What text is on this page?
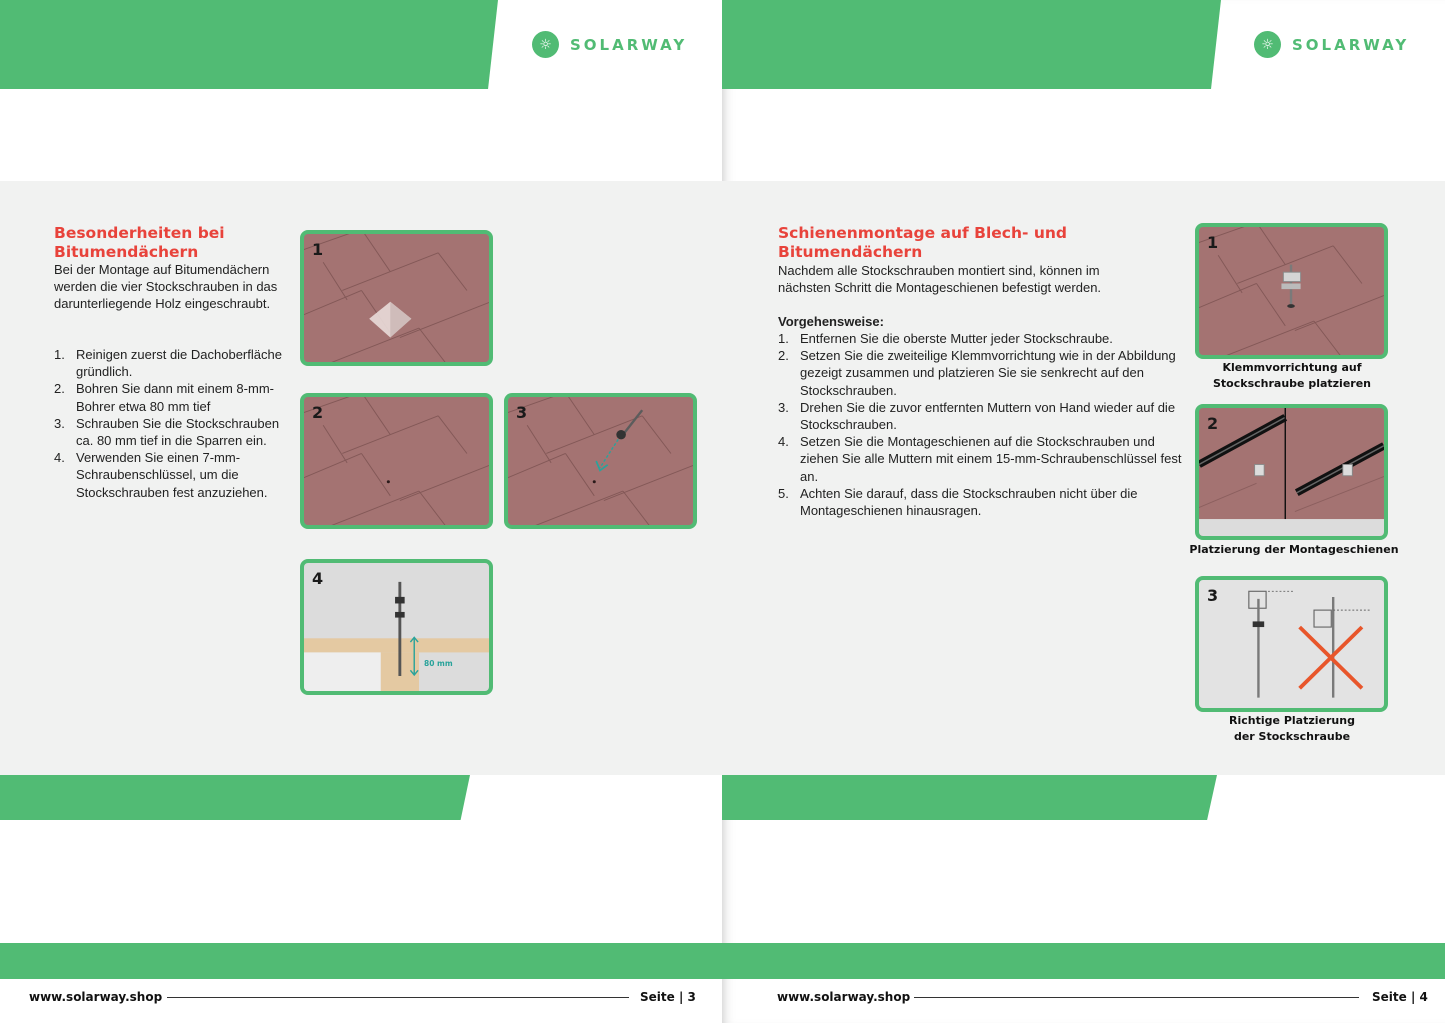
☼	SOLARWAY
Besonderheiten bei Bitumendächern
Bei der Montage auf Bitumendächern werden die vier Stockschrauben in das darunterliegende Holz eingeschraubt.
1. Reinigen zuerst die Dachoberfläche gründlich.
2. Bohren Sie dann mit einem 8-mm-Bohrer etwa 80 mm tief
3. Schrauben Sie die Stockschrauben ca. 80 mm tief in die Sparren ein.
4. Verwenden Sie einen 7-mm-Schraubenschlüssel, um die Stockschrauben fest anzuziehen.
1
2	3
4
80 mm
www.solarway.shop	Seite | 3
☼	SOLARWAY
Schienenmontage auf Blech- und Bitumendächern
Nachdem alle Stockschrauben montiert sind, können im nächsten Schritt die Montageschienen befestigt werden.
Vorgehensweise:
1. Entfernen Sie die oberste Mutter jeder Stockschraube.
2. Setzen Sie die zweiteilige Klemmvorrichtung wie in der Abbildung gezeigt zusammen und platzieren Sie sie senkrecht auf den Stockschrauben.
3. Drehen Sie die zuvor entfernten Muttern von Hand wieder auf die Stockschrauben.
4. Setzen Sie die Montageschienen auf die Stockschrauben und ziehen Sie alle Muttern mit einem 15-mm-Schraubenschlüssel fest an.
5. Achten Sie darauf, dass die Stockschrauben nicht über die Montageschienen hinausragen.
1
Klemmvorrichtung auf Stockschraube platzieren
2
Platzierung der Montageschienen
3
Richtige Platzierung der Stockschraube
www.solarway.shop	Seite | 4
